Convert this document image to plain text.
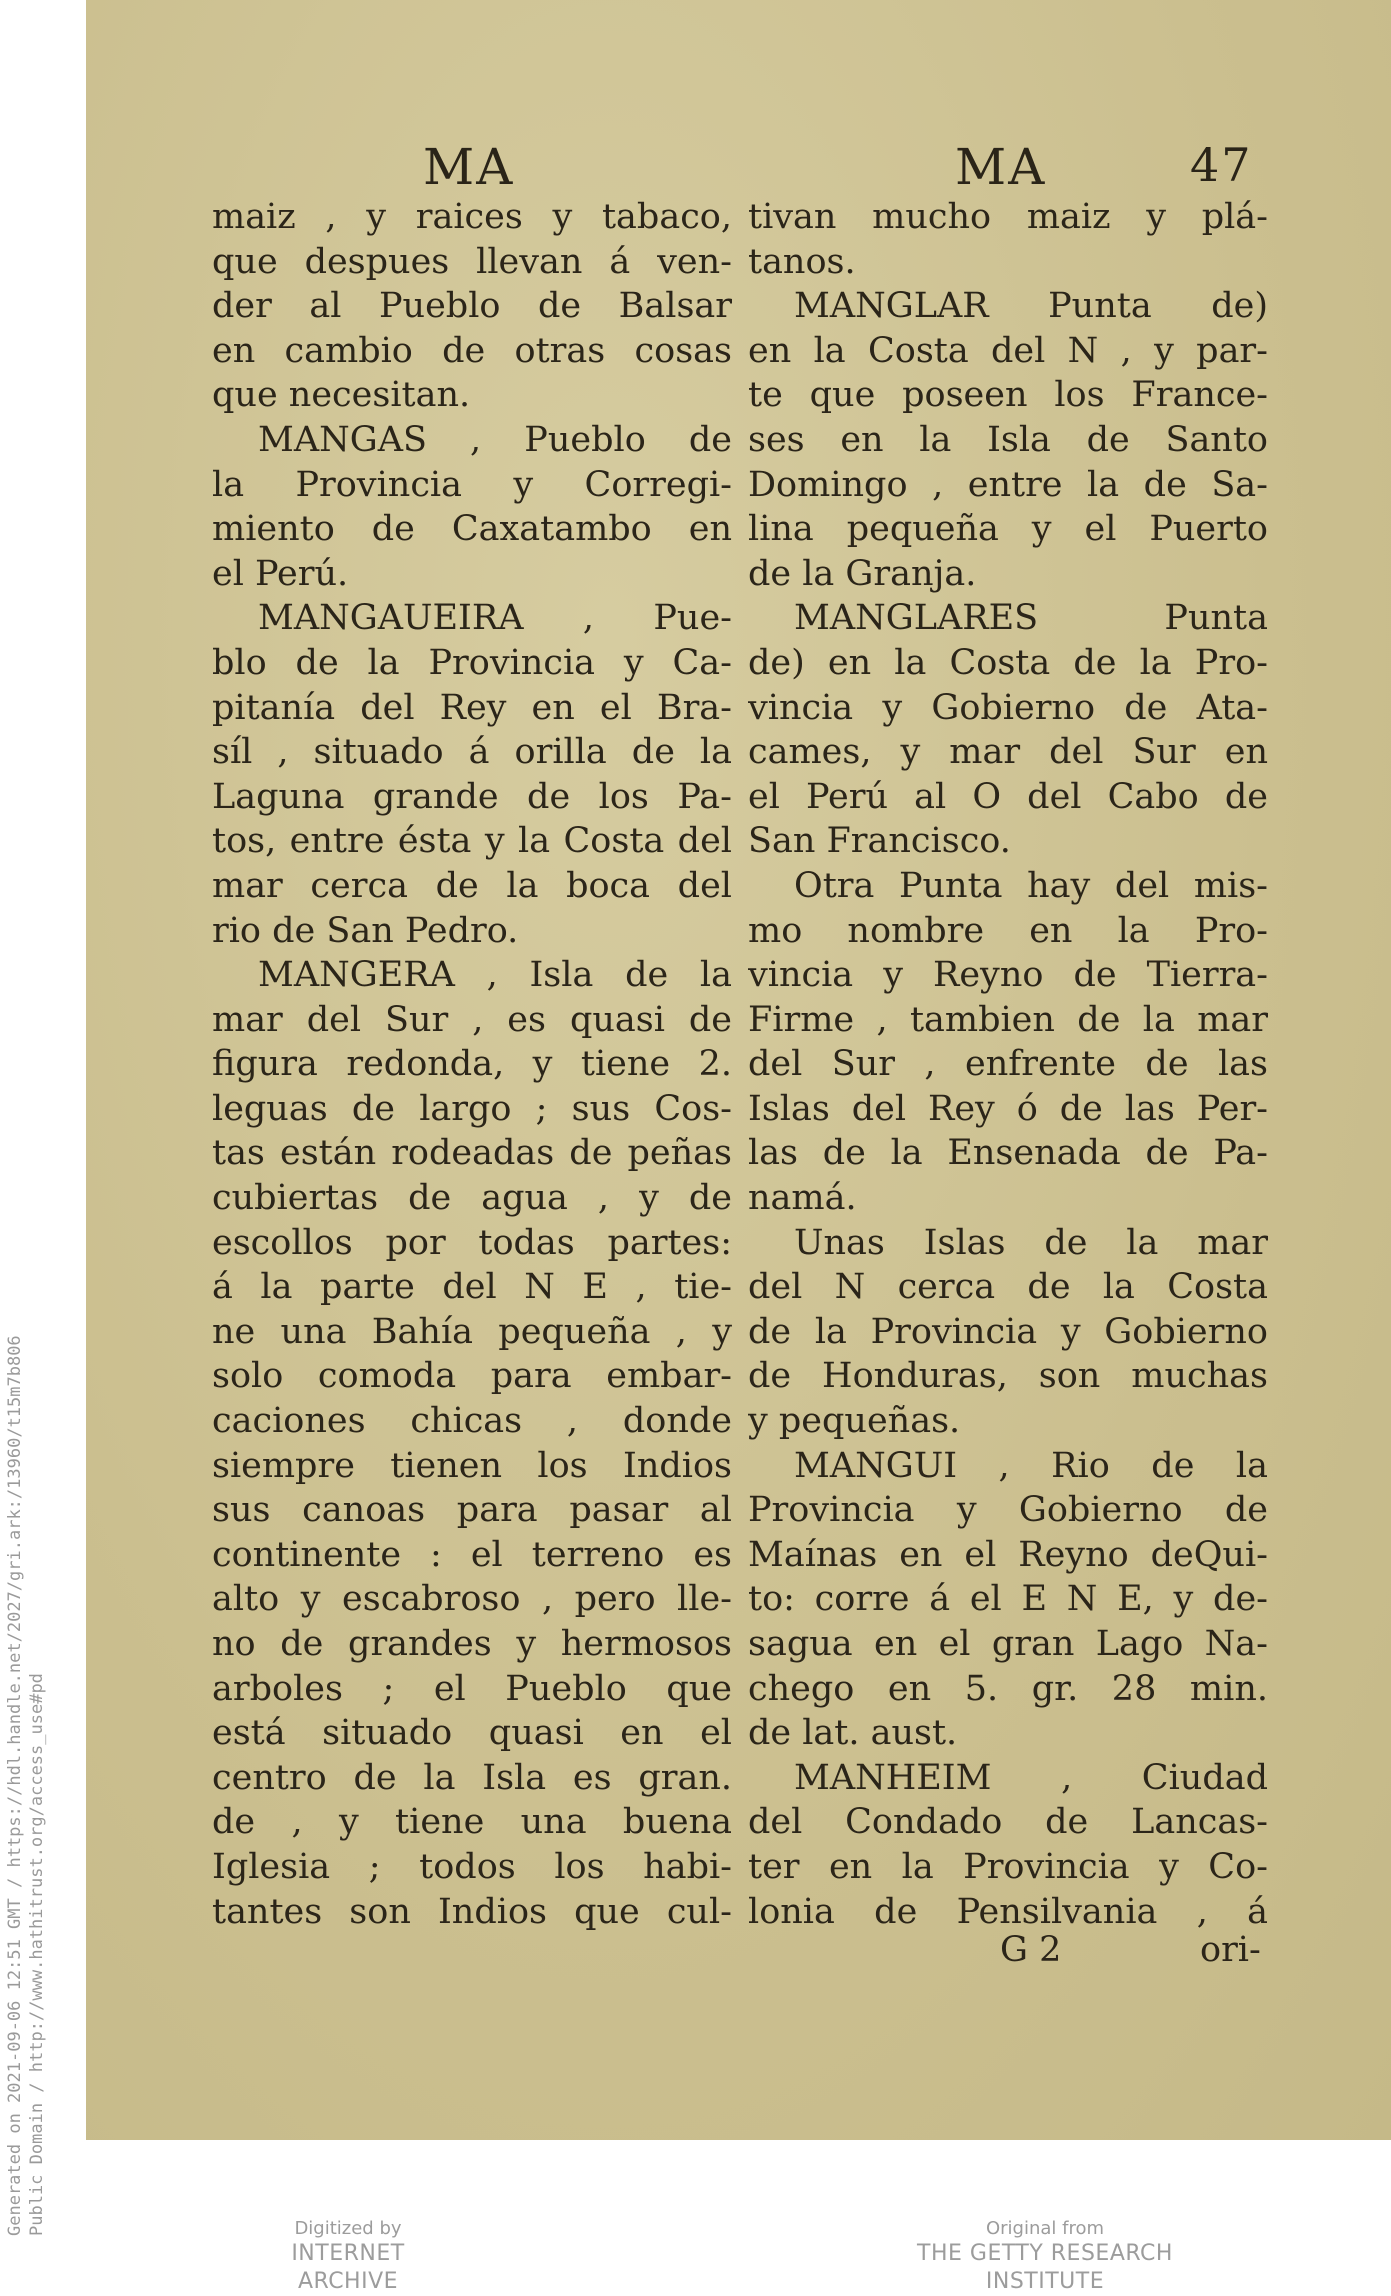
Generated on 2021-09-06 12:51 GMT / https://hdl.handle.net/2027/gri.ark:/13960/t15m7b806 Public Domain / http://www.hathitrust.org/access_use#pd
MA	MA	47
maiz , y raices y tabaco,
que despues llevan á ven-
der al Pueblo de Balsar
en cambio de otras cosas
que necesitan.
MANGAS , Pueblo de
la Provincia y Corregi-
miento de Caxatambo en
el Perú.
MANGAUEIRA , Pue-
blo de la Provincia y Ca-
pitanía del Rey en el Bra-
síl , situado á orilla de la
Laguna grande de los Pa-
tos, entre ésta y la Costa del
mar cerca de la boca del
rio de San Pedro.
MANGERA , Isla de la
mar del Sur , es quasi de
figura redonda, y tiene 2.
leguas de largo ; sus Cos-
tas están rodeadas de peñas
cubiertas de agua , y de
escollos por todas partes:
á la parte del N E , tie-
ne una Bahía pequeña , y
solo comoda para embar-
caciones chicas , donde
siempre tienen los Indios
sus canoas para pasar al
continente : el terreno es
alto y escabroso , pero lle-
no de grandes y hermosos
arboles ; el Pueblo que
está situado quasi en el
centro de la Isla es gran.
de , y tiene una buena
Iglesia ; todos los habi-
tantes son Indios que cul-
tivan mucho maiz y plá-
tanos.
MANGLAR Punta de)
en la Costa del N , y par-
te que poseen los France-
ses en la Isla de Santo
Domingo , entre la de Sa-
lina pequeña y el Puerto
de la Granja.
MANGLARES Punta
de) en la Costa de la Pro-
vincia y Gobierno de Ata-
cames, y mar del Sur en
el Perú al O del Cabo de
San Francisco.
Otra Punta hay del mis-
mo nombre en la Pro-
vincia y Reyno de Tierra-
Firme , tambien de la mar
del Sur , enfrente de las
Islas del Rey ó de las Per-
las de la Ensenada de Pa-
namá.
Unas Islas de la mar
del N cerca de la Costa
de la Provincia y Gobierno
de Honduras, son muchas
y pequeñas.
MANGUI , Rio de la
Provincia y Gobierno de
Maínas en el Reyno deQui-
to: corre á el E N E, y de-
sagua en el gran Lago Na-
chego en 5. gr. 28 min.
de lat. aust.
MANHEIM , Ciudad
del Condado de Lancas-
ter en la Provincia y Co-
lonia de Pensilvania , á
G 2	ori-
Digitized by
INTERNET ARCHIVE
Original from
THE GETTY RESEARCH INSTITUTE
